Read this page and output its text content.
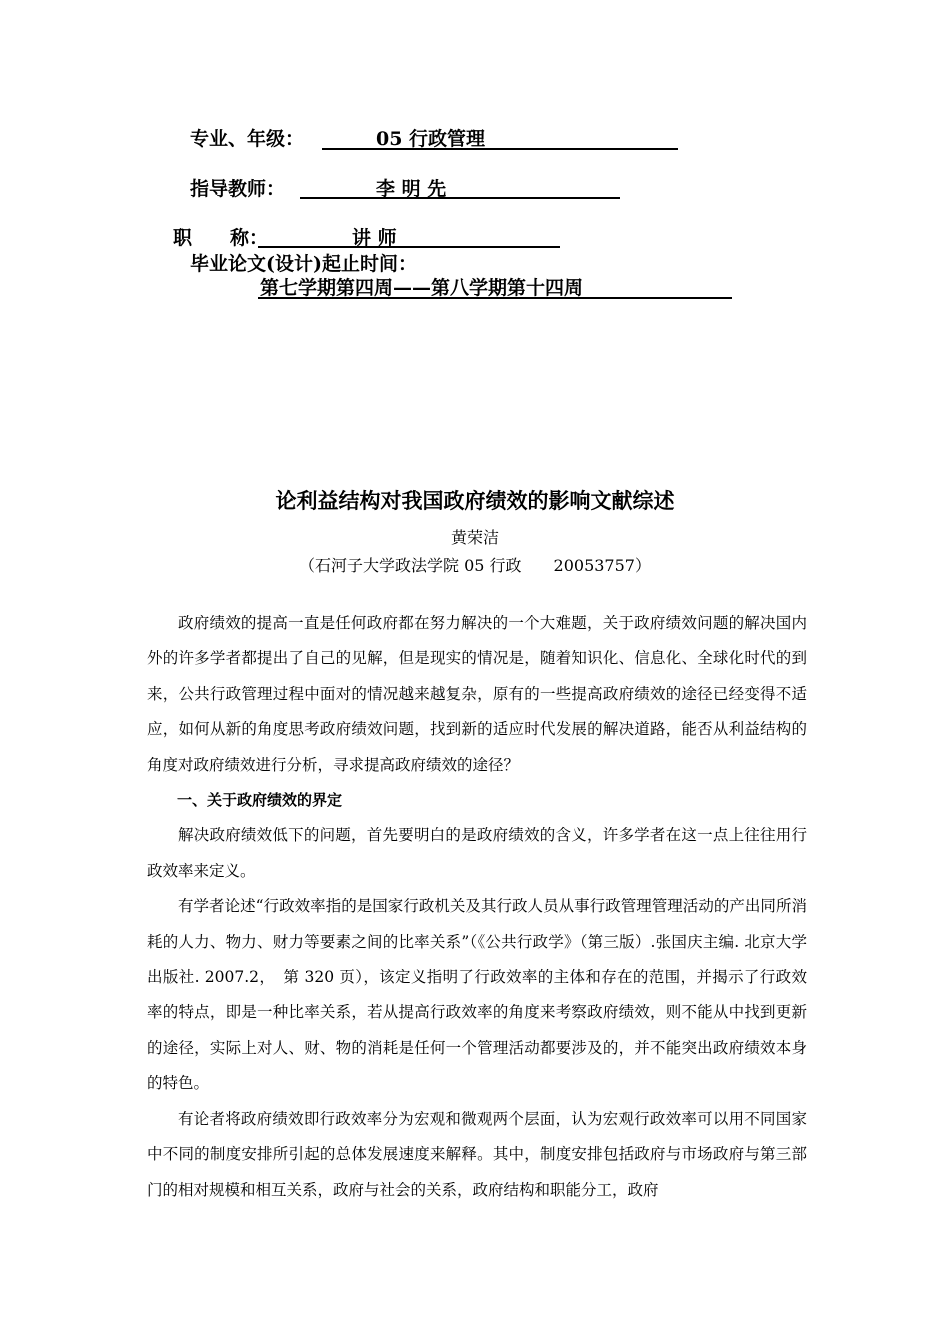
专业、年级：	05 行政管理
指导教师：	李 明 先
职　　称：	讲 师
毕业论文(设计)起止时间：
第七学期第四周——第八学期第十四周
论利益结构对我国政府绩效的影响文献综述
黄荣洁
（石河子大学政法学院 05 行政　　20053757）

政府绩效的提高一直是任何政府都在努力解决的一个大难题，关于政府绩效问题的解决国内外的许多学者都提出了自己的见解，但是现实的情况是，随着知识化、信息化、全球化时代的到来，公共行政管理过程中面对的情况越来越复杂，原有的一些提高政府绩效的途径已经变得不适应，如何从新的角度思考政府绩效问题，找到新的适应时代发展的解决道路，能否从利益结构的角度对政府绩效进行分析，寻求提高政府绩效的途径？

一、关于政府绩效的界定

解决政府绩效低下的问题，首先要明白的是政府绩效的含义，许多学者在这一点上往往用行政效率来定义。

有学者论述“行政效率指的是国家行政机关及其行政人员从事行政管理管理活动的产出同所消耗的人力、物力、财力等要素之间的比率关系”（《公共行政学》（第三版）.张国庆主编. 北京大学出版社. 2007.2，　第 320 页），该定义指明了行政效率的主体和存在的范围，并揭示了行政效率的特点，即是一种比率关系，若从提高行政效率的角度来考察政府绩效，则不能从中找到更新的途径，实际上对人、财、物的消耗是任何一个管理活动都要涉及的，并不能突出政府绩效本身的特色。

有论者将政府绩效即行政效率分为宏观和微观两个层面，认为宏观行政效率可以用不同国家中不同的制度安排所引起的总体发展速度来解释。其中，制度安排包括政府与市场政府与第三部门的相对规模和相互关系，政府与社会的关系，政府结构和职能分工，政府
